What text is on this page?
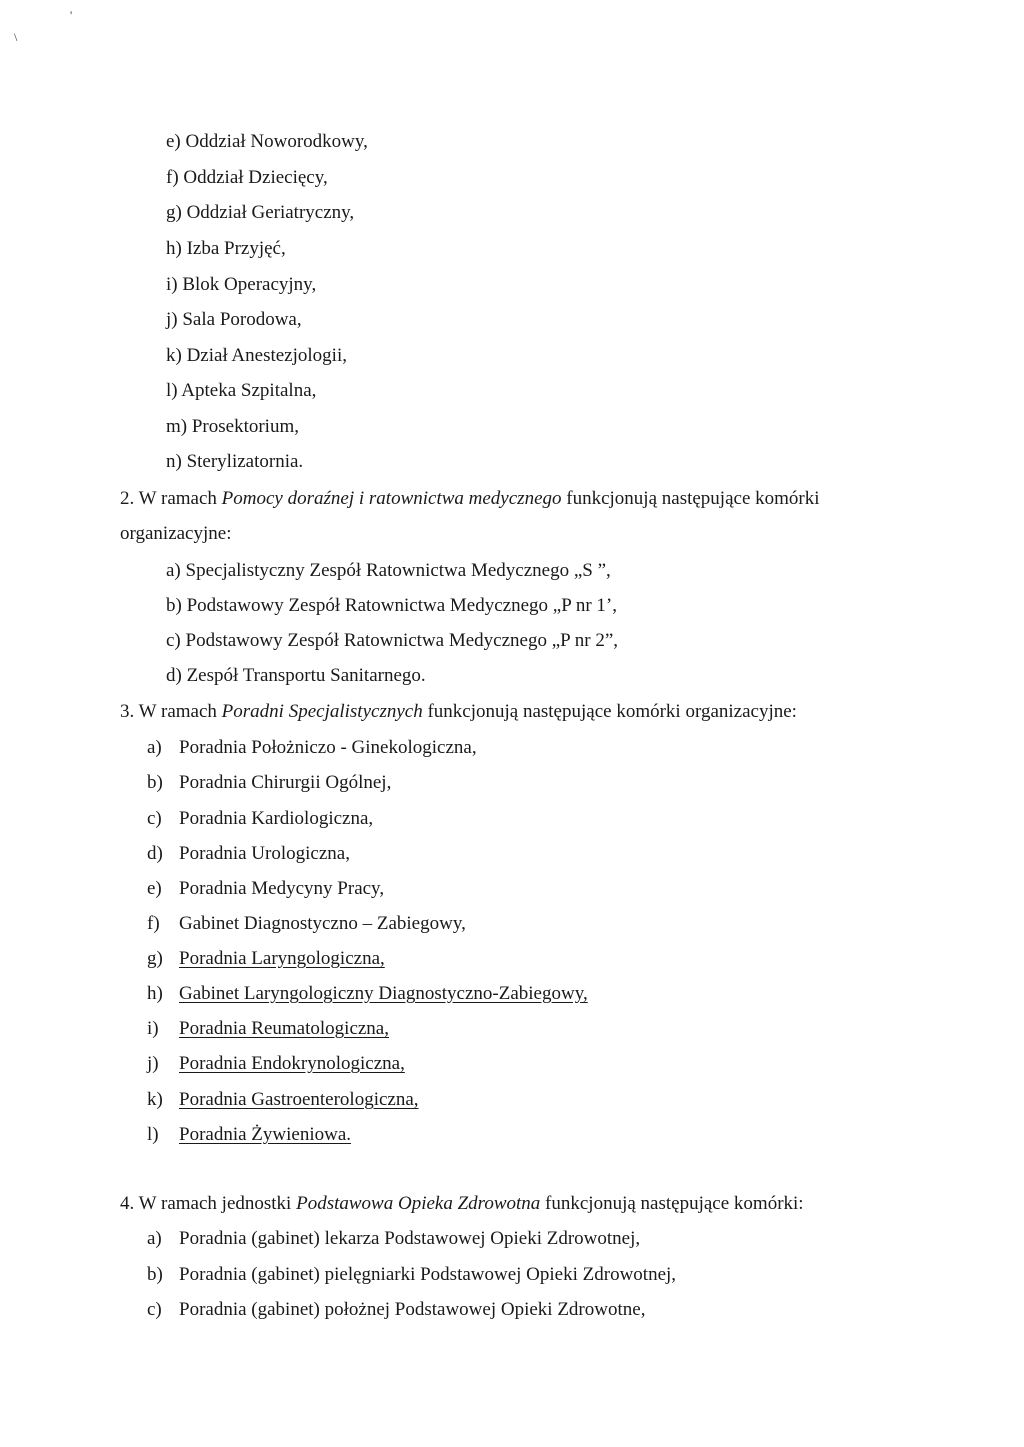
'
\
e) Oddział Noworodkowy,
f) Oddział Dziecięcy,
g) Oddział Geriatryczny,
h) Izba Przyjęć,
i) Blok Operacyjny,
j) Sala Porodowa,
k) Dział Anestezjologii,
l) Apteka Szpitalna,
m) Prosektorium,
n) Sterylizatornia.
2. W ramach Pomocy doraźnej i ratownictwa medycznego funkcjonują następujące komórki
organizacyjne:
a) Specjalistyczny Zespół Ratownictwa Medycznego „S ”,
b) Podstawowy Zespół Ratownictwa Medycznego „P nr 1’,
c) Podstawowy Zespół Ratownictwa Medycznego „P nr 2”,
d) Zespół Transportu Sanitarnego.
3. W ramach Poradni Specjalistycznych funkcjonują następujące komórki organizacyjne:
a) Poradnia Położniczo - Ginekologiczna,
b) Poradnia Chirurgii Ogólnej,
c) Poradnia Kardiologiczna,
d) Poradnia Urologiczna,
e) Poradnia Medycyny Pracy,
f) Gabinet Diagnostyczno – Zabiegowy,
g) Poradnia Laryngologiczna,
h) Gabinet Laryngologiczny Diagnostyczno-Zabiegowy,
i) Poradnia Reumatologiczna,
j) Poradnia Endokrynologiczna,
k) Poradnia Gastroenterologiczna,
l) Poradnia Żywieniowa.
4. W ramach jednostki Podstawowa Opieka Zdrowotna funkcjonują następujące komórki:
a) Poradnia (gabinet) lekarza Podstawowej Opieki Zdrowotnej,
b) Poradnia (gabinet) pielęgniarki Podstawowej Opieki Zdrowotnej,
c) Poradnia (gabinet) położnej Podstawowej Opieki Zdrowotne,
